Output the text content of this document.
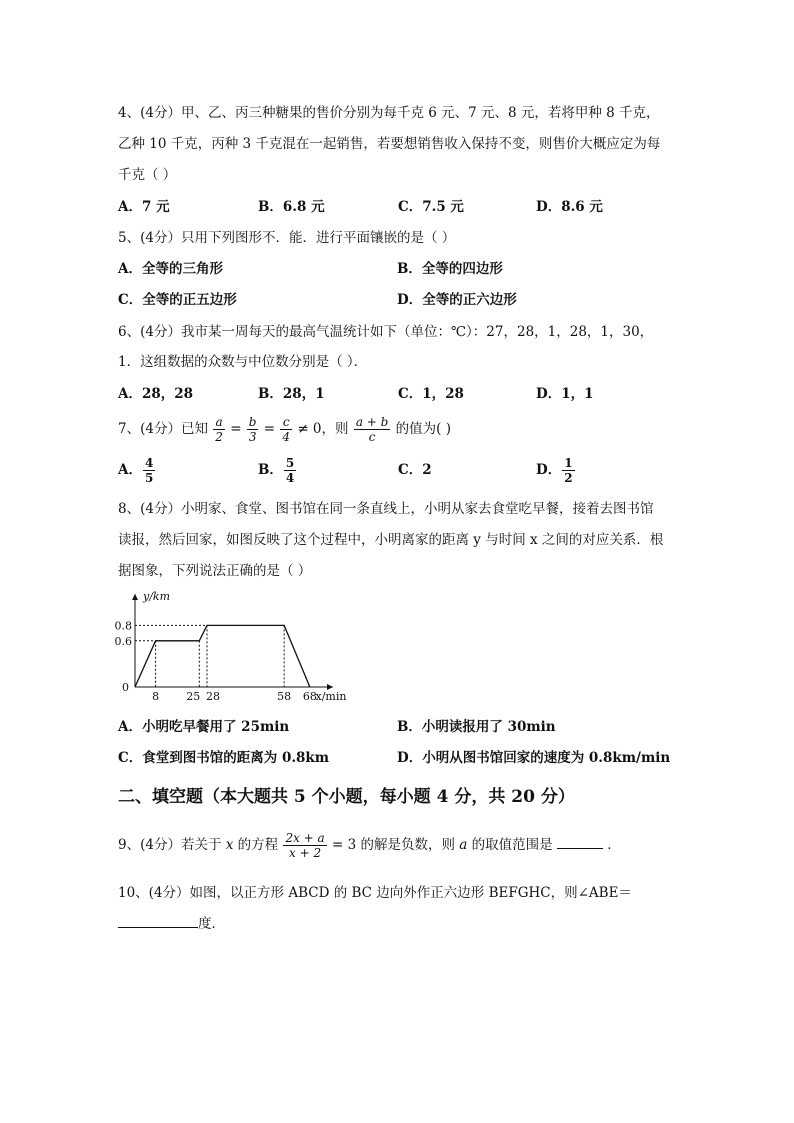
4、(4分）甲、乙、丙三种糖果的售价分别为每千克 6 元、7 元、8 元，若将甲种 8 千克，
乙种 10 千克，丙种 3 千克混在一起销售，若要想销售收入保持不变，则售价大概应定为每
千克（ ）
A．7 元	B．6.8 元	C．7.5 元	D．8.6 元
5、(4分）只用下列图形不．能．进行平面镶嵌的是（ ）
A．全等的三角形	B．全等的四边形
C．全等的正五边形	D．全等的正六边形
6、(4分）我市某一周每天的最高气温统计如下（单位：℃）：27，28，1，28，1，30，
1．这组数据的众数与中位数分别是（ ）．
A．28，28	B．28，1	C．1，28	D．1，1
7、(4分）已知 $\frac{a}{2} = \frac{b}{3} = \frac{c}{4} \ne 0$，则 $\frac{a + b}{c}$ 的值为( )
A． $\frac{4}{5}$	B． $\frac{5}{4}$	C．2	D． $\frac{1}{2}$
8、(4分）小明家、食堂、图书馆在同一条直线上，小明从家去食堂吃早餐，接着去图书馆
读报，然后回家，如图反映了这个过程中，小明离家的距离 y 与时间 x 之间的对应关系．根
据图象，下列说法正确的是（ ）
8 25 28	58 68
0.6
0.8
0
y/km
x/min
A．小明吃早餐用了 25min	B．小明读报用了 30min
C．食堂到图书馆的距离为 0.8km	D．小明从图书馆回家的速度为 0.8km/min
二、填空题（本大题共 5 个小题，每小题 4 分，共 20 分）
9、(4分）若关于 x 的方程 $\frac{2x + a}{x + 2} = 3$ 的解是负数，则 a 的取值范围是	．
10、(4分）如图，以正方形 ABCD 的 BC 边向外作正六边形 BEFGHC，则∠ABE＝
度．
